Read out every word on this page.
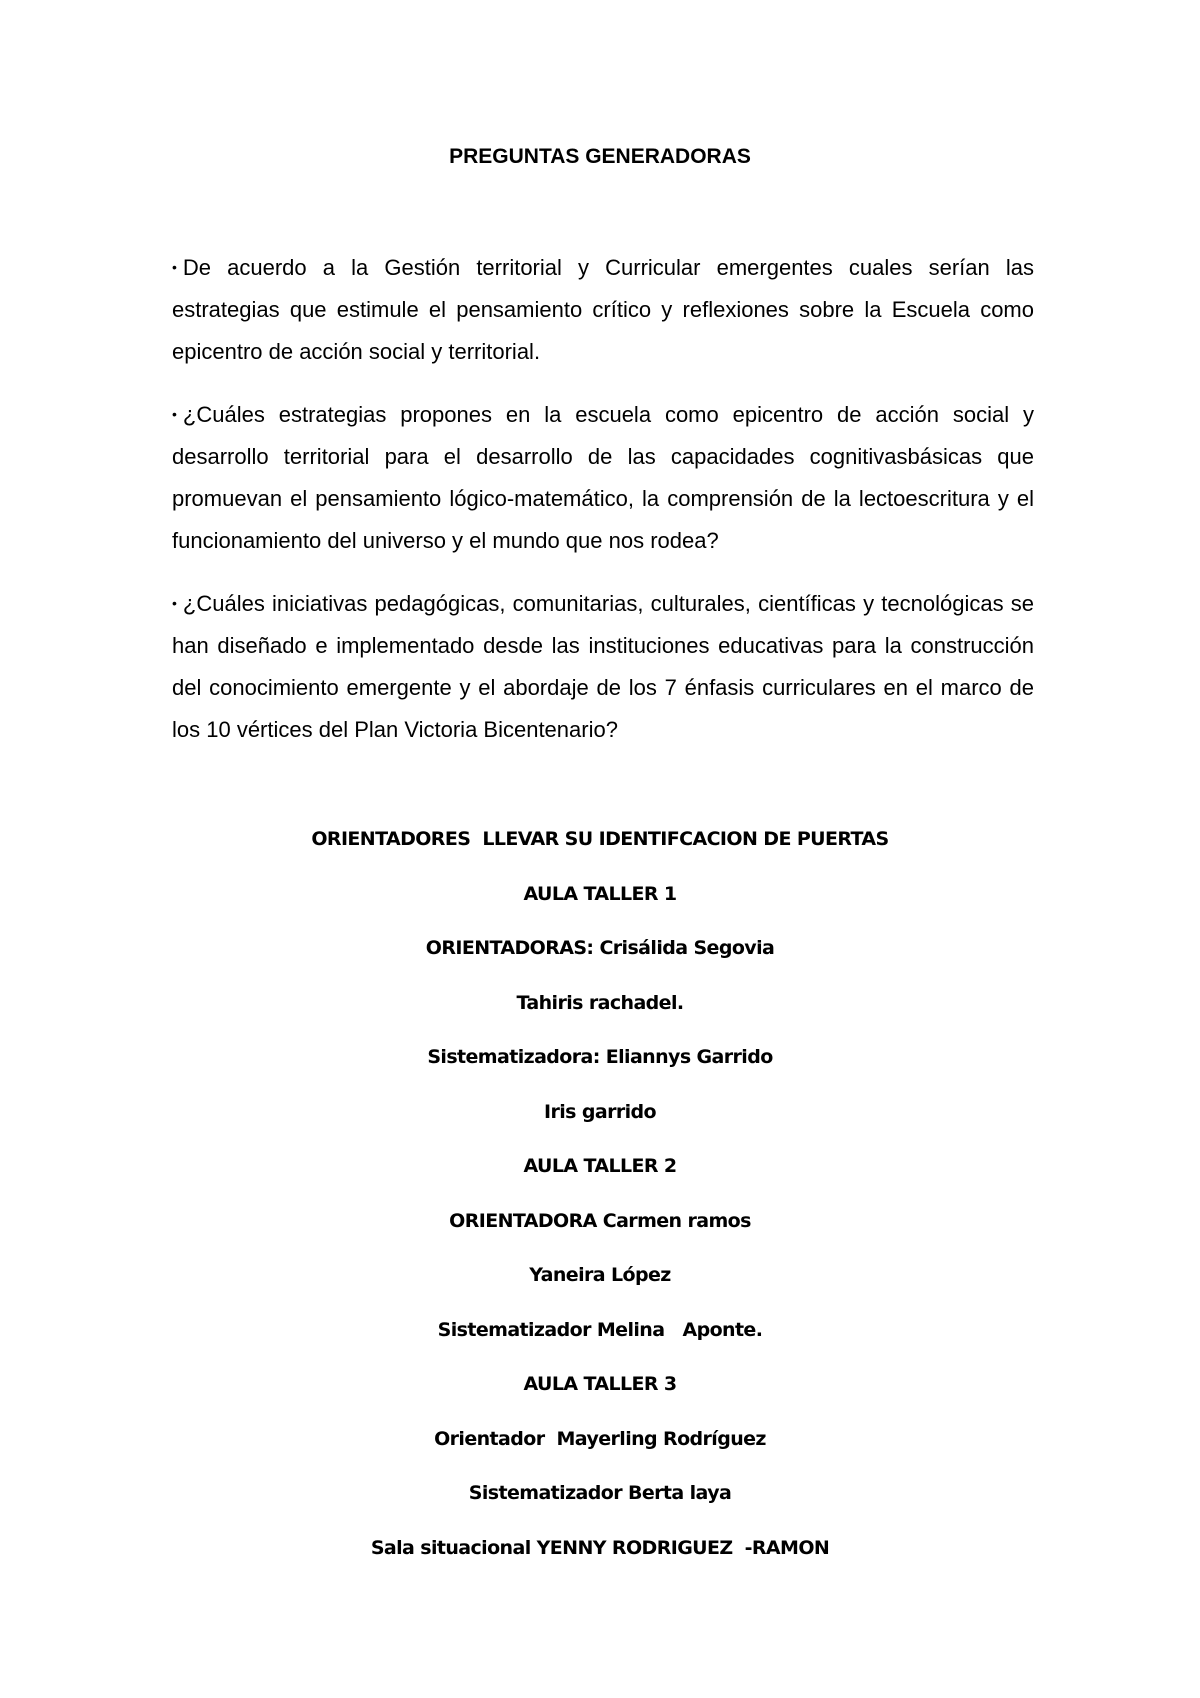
PREGUNTAS GENERADORAS
• De acuerdo a la Gestión territorial y Curricular emergentes cuales serían las estrategias que estimule el pensamiento crítico y reflexiones sobre la Escuela como epicentro de acción social y territorial.
• ¿Cuáles estrategias propones en la escuela como epicentro de acción social y desarrollo territorial para el desarrollo de las capacidades cognitivasbásicas que promuevan el pensamiento lógico-matemático, la comprensión de la lectoescritura y el funcionamiento del universo y el mundo que nos rodea?
• ¿Cuáles iniciativas pedagógicas, comunitarias, culturales, científicas y tecnológicas se han diseñado e implementado desde las instituciones educativas para la construcción del conocimiento emergente y el abordaje de los 7 énfasis curriculares en el marco de los 10 vértices del Plan Victoria Bicentenario?
ORIENTADORES  LLEVAR SU IDENTIFCACION DE PUERTAS
AULA TALLER 1
ORIENTADORAS: Crisálida Segovia
Tahiris rachadel.
Sistematizadora: Eliannys Garrido
Iris garrido
AULA TALLER 2
ORIENTADORA Carmen ramos
Yaneira López
Sistematizador Melina   Aponte.
AULA TALLER 3
Orientador  Mayerling Rodríguez
Sistematizador Berta laya
Sala situacional YENNY RODRIGUEZ  -RAMON
